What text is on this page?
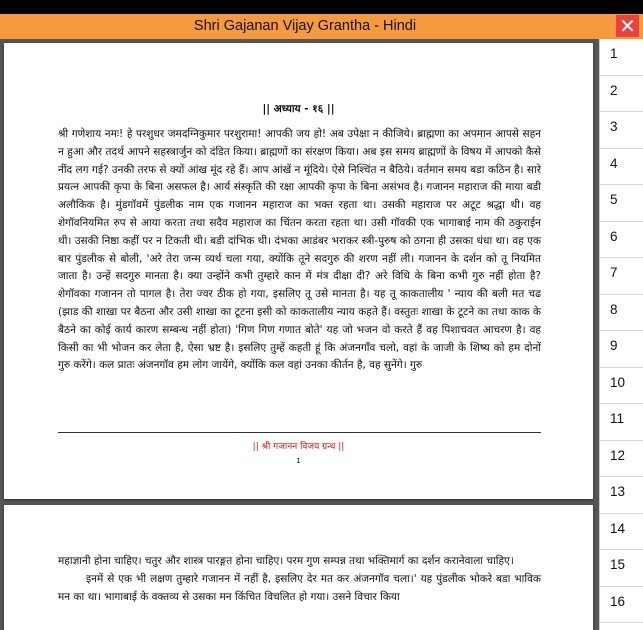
Shri Gajanan Vijay Grantha - Hindi	✕
|| अध्याय - १६ ||
श्री गणेशाय नमः! हे परशुधर जमदग्निकुमार परशुरामा! आपकी जय हो! अब उपेक्षा न कीजिये। ब्राह्मणा का अपमान आपसे सहन न हुआ और तदर्थ आपने सहस्त्रार्जुन को दंडित किया। ब्राह्मणों का संरक्षण किया। अब इस समय ब्राह्मणों के विषय में आपको कैसे नींद लग गई? उनकी तरफ से क्यों आंख मूंद रहे हैं। आप आंखें न मूंदिये। ऐसे निश्चिंत न बैठिये। वर्तमान समय बडा कठिन है। सारे प्रयत्न आपकी कृपा के बिना असफल है। आर्य संस्कृति की रक्षा आपकी कृपा के बिना असंभव है। गजानन महाराज की माया बडी अलौकिक है। मुंडगॉवमें पुंडलीक नाम एक गजानन महाराज का भक्त रहता था। उसकी महाराज पर अटूट श्रद्धा थी। वह शेगॉवनियमित रुप से आया करता तथा सदैव महाराज का चिंतन करता रहता था। उसी गॉवकी एक भागाबाई नाम की ठकुराईन थी। उसकी निष्ठा कहीं पर न टिकती थी। बडी दांभिक थी। दंभका आडंबर भराकर स्त्री-पुरुष को ठगना ही उसका धंधा था। वह एक बार पुंडलीक से बोली, 'अरे तेरा जन्म व्यर्थ चला गया, क्योंकि तूने सदगुरु की शरण नहीं ली। गजानन के दर्शन को तू नियमित जाता है। उन्हें सदगुरु मानता है। क्या उन्होंने कभी तुम्हारे कान में मंत्र दीक्षा दी? अरे विधि के बिना कभी गुरु नहीं होता है? शेगॉवका गजानन तो पागल है। तेरा ज्वर ठीक हो गया, इसलिए तू उसे मानता है। यह तू काकतालीय ' न्याय की बली मत चढ (झाड की शाखा पर बैठना और उसी शाखा का टूटना इसी को काकतालीय न्याय कहते हैं। वस्तुतः शाखा के टूटने का तथा काक के बैठने का कोई कार्य कारण सम्बन्ध नहीं होता) 'गिण गिण गणात बोते' यह जो भजन वो करते हैं वह पिशाचवत आचरण है। वह किसी का भी भोजन कर लेता है, ऐसा भ्रष्ट है। इसलिए तुम्हें कहती हूं कि अंजनगाँव चलो, वहां के जाजी के शिष्य को हम दोनों गुरु करेंगे। कल प्रातः अंजनगॉव हम लोग जायेंगे, क्योंकि कल वहां उनका कीर्तन है, वह सुनेंगे। गुरु
|| श्री गजानन विजय ग्रन्थ ||
1
महाज्ञानी होना चाहिए। चतुर और शास्त्र पारङ्गत होना चाहिए। परम गुण सम्पन्न तथा भक्तिमार्ग का दर्शन करानेवाला चाहिए।
इनमें से एक भी लक्षण तुम्हारे गजानन में नहीं है, इसलिए देर मत कर अंजनगॉव चला।' यह पुंडलीक भोकरे बडा भाविक मन का था। भागाबाई के वक्तव्य से उसका मन किंचित विचलित हो गया। उसने विचार किया
1
2
3
4
5
6
7
8
9
10
11
12
13
14
15
16
